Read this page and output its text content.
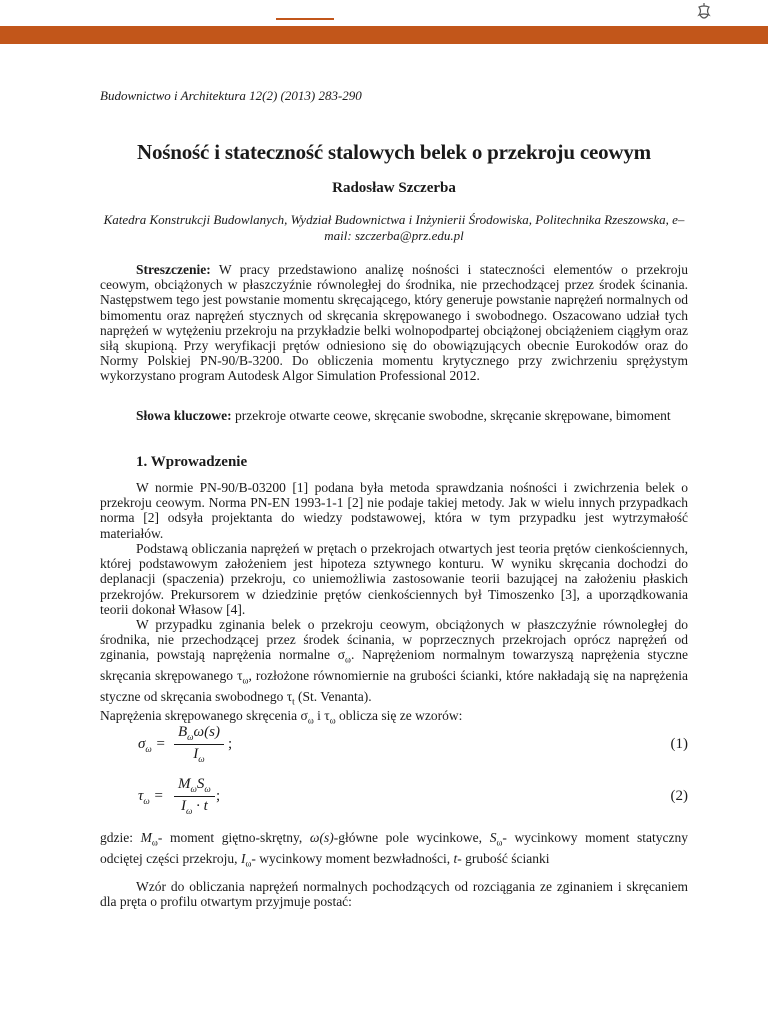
Budownictwo i Architektura 12(2) (2013) 283-290

Nośność i stateczność stalowych belek o przekroju ceowym
Radosław Szczerba
Katedra Konstrukcji Budowlanych, Wydział Budownictwa i Inżynierii Środowiska, Politechnika Rzeszowska, e–mail: szczerba@prz.edu.pl

Streszczenie: W pracy przedstawiono analizę nośności i stateczności elementów o przekroju ceowym, obciążonych w płaszczyźnie równoległej do środnika, nie przechodzącej przez środek ścinania. Następstwem tego jest powstanie momentu skręcającego, który generuje powstanie naprężeń normalnych od bimomentu oraz naprężeń stycznych od skręcania skrępowanego i swobodnego. Oszacowano udział tych naprężeń w wytężeniu przekroju na przykładzie belki wolnopodpartej obciążonej obciążeniem ciągłym oraz siłą skupioną. Przy weryfikacji prętów odniesiono się do obowiązujących obecnie Eurokodów oraz do Normy Polskiej PN-90/B-3200. Do obliczenia momentu krytycznego przy zwichrzeniu sprężystym wykorzystano program Autodesk Algor Simulation Professional 2012.

Słowa kluczowe: przekroje otwarte ceowe, skręcanie swobodne, skręcanie skrępowane, bimoment

1. Wprowadzenie

W normie PN-90/B-03200 [1] podana była metoda sprawdzania nośności i zwichrzenia belek o przekroju ceowym. Norma PN-EN 1993-1-1 [2] nie podaje takiej metody. Jak w wielu innych przypadkach norma [2] odsyła projektanta do wiedzy podstawowej, która w tym przypadku jest wytrzymałość materiałów.

Podstawą obliczania naprężeń w prętach o przekrojach otwartych jest teoria prętów cienkościennych, której podstawowym założeniem jest hipoteza sztywnego konturu. W wyniku skręcania dochodzi do deplanacji (spaczenia) przekroju, co uniemożliwia zastosowanie teorii bazującej na założeniu płaskich przekrojów. Prekursorem w dziedzinie prętów cienkościennych był Timoszenko [3], a uporządkowania teorii dokonał Własow [4].

W przypadku zginania belek o przekroju ceowym, obciążonych w płaszczyźnie równoległej do środnika, nie przechodzącej przez środek ścinania, w poprzecznych przekrojach oprócz naprężeń od zginania, powstają naprężenia normalne $\sigma_\omega$. Naprężeniom normalnym towarzyszą naprężenia styczne skręcania skrępowanego $\tau_\omega$, rozłożone równomiernie na grubości ścianki, które nakładają się na naprężenia styczne od skręcania swobodnego $\tau_t$ (St. Venanta).

Naprężenia skrępowanego skręcenia $\sigma_\omega$ i $\tau_\omega$ oblicza się ze wzorów:

$\sigma_\omega$ =
$B_\omega\omega(s)$
$I_\omega$
;	(1)
$\tau_\omega$ =
$M_\omega S_\omega$
$I_\omega \cdot t$
;	(2)

gdzie: $M_\omega-$ moment giętno-skrętny, ω(s)-główne pole wycinkowe, $S_\omega-$ wycinkowy moment statyczny odciętej części przekroju, $I_\omega-$ wycinkowy moment bezwładności, t- grubość ścianki

Wzór do obliczania naprężeń normalnych pochodzących od rozciągania ze zginaniem i skręcaniem dla pręta o profilu otwartym przyjmuje postać:
